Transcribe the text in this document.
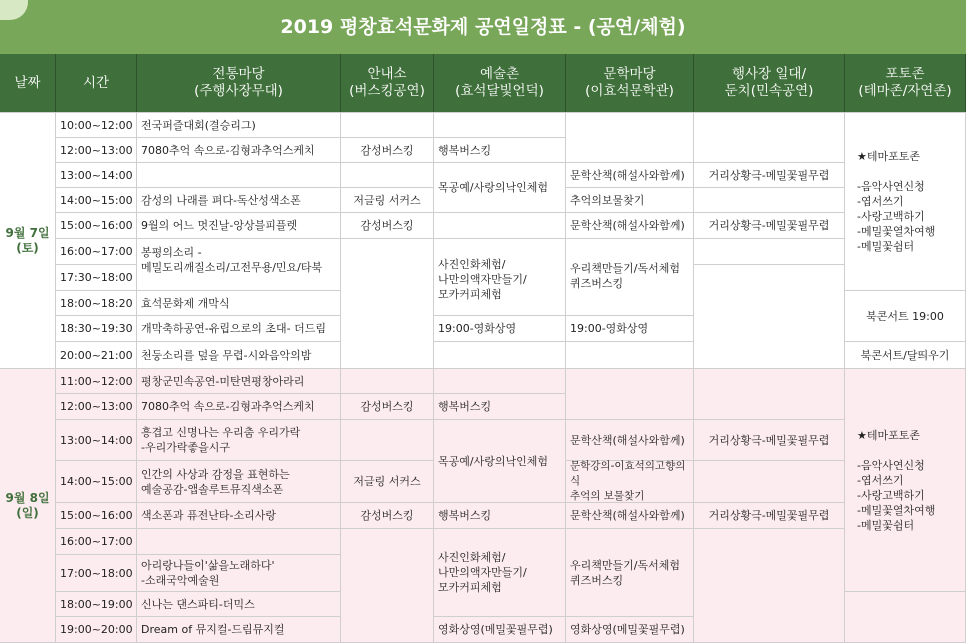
2019 평창효석문화제 공연일정표 - (공연/체험)
날짜	시간
전통마당
(주행사장무대)
안내소
(버스킹공연)
예술촌
(효석달빛언덕)
문학마당
(이효석문학관)
행사장 일대/
둔치(민속공연)
포토존
(테마존/자연존)
9월 7일
(토)
10:00~12:00
12:00~13:00
13:00~14:00
14:00~15:00
15:00~16:00
16:00~17:00
17:30~18:00
18:00~18:20
18:30~19:30
20:00~21:00
전국퍼즐대회(결승리그)
7080추억 속으로-김형과추억스케치
감성의 나래를 펴다-독산성색소폰
9월의 어느 멋진날-앙상블피플렛
봉평의소리 -
메밀도리깨질소리/고전무용/민요/타북
효석문화제 개막식
개막축하공연-유립으로의 초대- 더드림
천둥소리를 덮을 무렵-시와음악의밤
감성버스킹
저글링 서커스
감성버스킹
행복버스킹
목공예/사랑의낙인체험
사진인화체험/
나만의액자만들기/
모카커피체험
19:00-영화상영
문학산책(해설사와함께)
추억의보물찾기
문학산책(해설사와함께)
우리책만들기/독서체험
퀴즈버스킹
19:00-영화상영
거리상황극-메밀꽃필무렵
거리상황극-메밀꽃필무렵
★테마포토존

-음악사연신청
-엽서쓰기
-사랑고백하기
-메밀꽃열차여행
-메밀꽃쉼터
북콘서트 19:00
북콘서트/달띄우기
9월 8일
(일)
11:00~12:00
12:00~13:00
13:00~14:00
14:00~15:00
15:00~16:00
16:00~17:00
17:00~18:00
18:00~19:00
19:00~20:00
평창군민속공연-미탄면평창아라리
7080추억 속으로-김형과추억스케치
흥겹고 신명나는 우리춤 우리가락
-우리가락좋을시구
인간의 사상과 감정을 표현하는
예술공감-앱솔루트뮤직색소폰
색소폰과 퓨전난타-소리사랑
아리랑나들이'삶을노래하다'
-소래국악예술원
신나는 댄스파티-더믹스
Dream of 뮤지컬-드림뮤지컬
감성버스킹
저글링 서커스
감성버스킹
행복버스킹
목공예/사랑의낙인체험
행복버스킹
사진인화체험/
나만의액자만들기/
모카커피체험
영화상영(메밀꽃필무렵)
문학산책(해설사와함께)
문학강의-이효석의고향의식
추억의 보물찾기
문학산책(해설사와함께)
우리책만들기/독서체험
퀴즈버스킹
영화상영(메밀꽃필무렵)
거리상황극-메밀꽃필무렵
거리상황극-메밀꽃필무렵
★테마포토존

-음악사연신청
-엽서쓰기
-사랑고백하기
-메밀꽃열차여행
-메밀꽃쉼터
